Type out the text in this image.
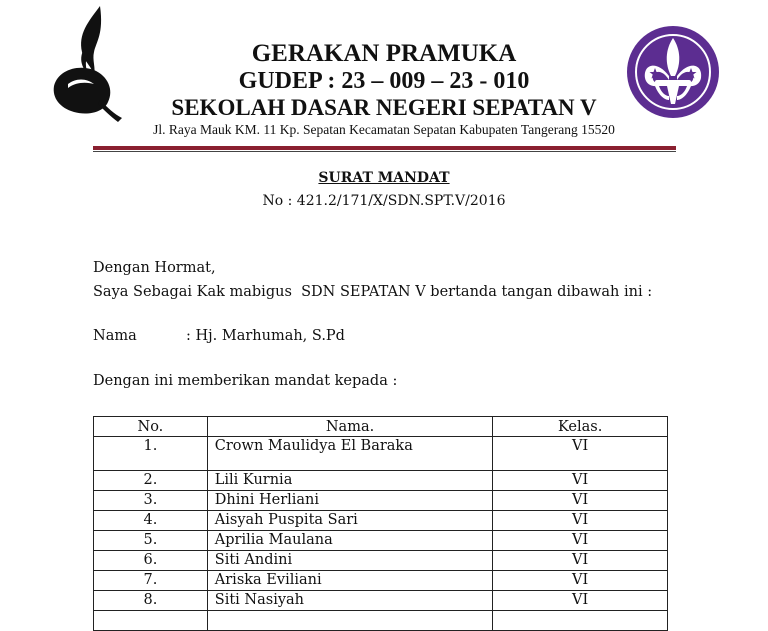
GERAKAN PRAMUKA
GUDEP : 23 – 009 – 23 - 010
SEKOLAH DASAR NEGERI SEPATAN V
Jl. Raya Mauk KM. 11 Kp. Sepatan Kecamatan Sepatan Kabupaten Tangerang 15520
SURAT MANDAT
No : 421.2/171/X/SDN.SPT.V/2016
Dengan Hormat,
Saya Sebagai Kak mabigus  SDN SEPATAN V bertanda tangan dibawah ini :
Nama	: Hj. Marhumah, S.Pd
Dengan ini memberikan mandat kepada :
No.	Nama.	Kelas.
1.	Crown Maulidya El Baraka	VI
2.	Lili Kurnia	VI
3.	Dhini Herliani	VI
4.	Aisyah Puspita Sari	VI
5.	Aprilia Maulana	VI
6.	Siti Andini	VI
7.	Ariska Eviliani	VI
8.	Siti Nasiyah	VI
